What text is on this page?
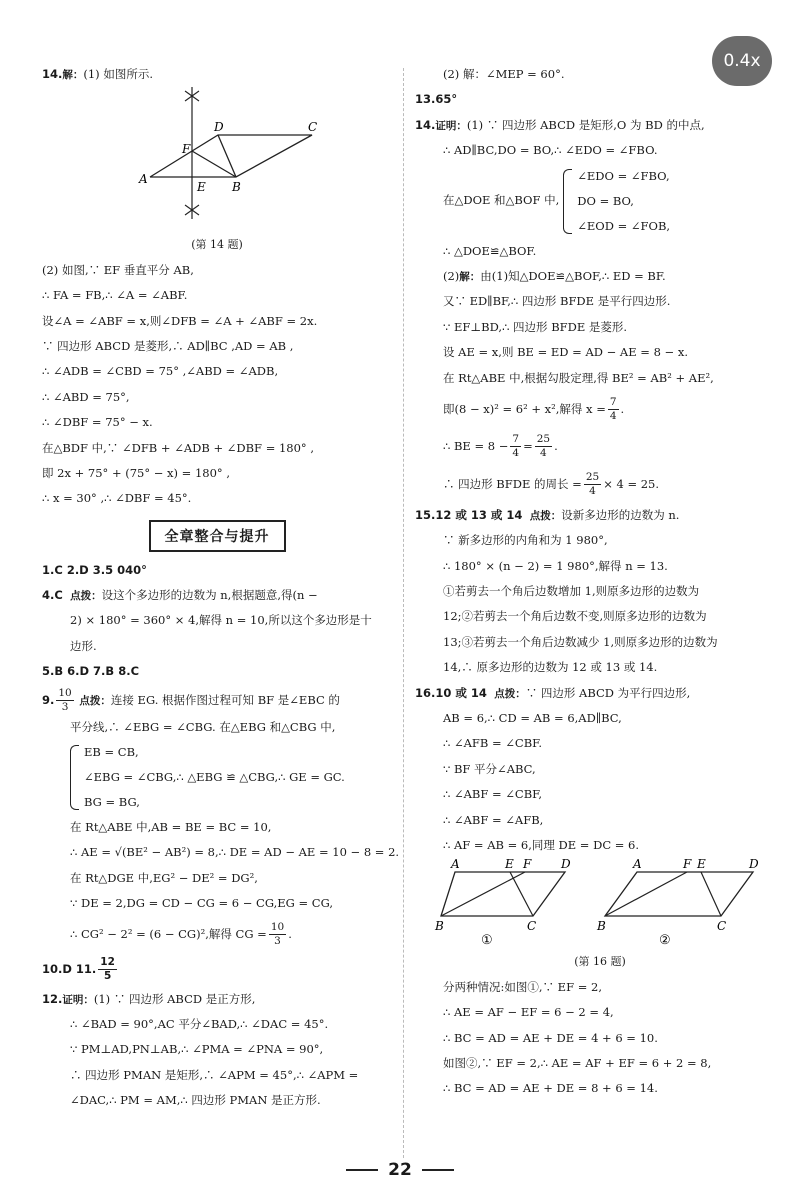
0.4x
14.解：(1) 如图所示.
D	C
F
A
E B
(第 14 题)
(2) 如图,∵ EF 垂直平分 AB,
∴ FA = FB,∴ ∠A = ∠ABF.
设∠A = ∠ABF = x,则∠DFB = ∠A + ∠ABF = 2x.
∵ 四边形 ABCD 是菱形,∴ AD∥BC ,AD = AB ,
∴ ∠ADB = ∠CBD = 75° ,∠ABD = ∠ADB,
∴ ∠ABD = 75°,
∴ ∠DBF = 75° − x.
在△BDF 中,∵ ∠DFB + ∠ADB + ∠DBF = 180° ,
即 2x + 75° + (75° − x) = 180° ,
∴ x = 30° ,∴ ∠DBF = 45°.
全章整合与提升
1.C 2.D 3.5 040°
4.C 点拨：设这个多边形的边数为 n,根据题意,得(n −
2) × 180° = 360° × 4,解得 n = 10,所以这个多边形是十
边形.
5.B 6.D 7.B 8.C
9. $\frac{10}{3}$ 点拨：连接 EG. 根据作图过程可知 BF 是∠EBC 的
平分线,∴ ∠EBG = ∠CBG. 在△EBG 和△CBG 中,
EB = CB,
∠EBG = ∠CBG,∴ △EBG ≌ △CBG,∴ GE = GC.
BG = BG,
在 Rt△ABE 中,AB = BE = BC = 10,
∴ AE = √(BE² − AB²) = 8,∴ DE = AD − AE = 10 − 8 = 2.
在 Rt△DGE 中,EG² − DE² = DG²,
∵ DE = 2,DG = CD − CG = 6 − CG,EG = CG,
∴ CG² − 2² = (6 − CG)²,解得 CG = $\frac{10}{3}$ .
10.D 11. $\frac{12}{5}$
12.证明：(1) ∵ 四边形 ABCD 是正方形,
∴ ∠BAD = 90°,AC 平分∠BAD,∴ ∠DAC = 45°.
∵ PM⊥AD,PN⊥AB,∴ ∠PMA = ∠PNA = 90°,
∴ 四边形 PMAN 是矩形,∴ ∠APM = 45°,∴ ∠APM =
∠DAC,∴ PM = AM,∴ 四边形 PMAN 是正方形.
(2) 解：∠MEP = 60°.
13.65°
14.证明：(1) ∵ 四边形 ABCD 是矩形,O 为 BD 的中点,
∴ AD∥BC,DO = BO,∴ ∠EDO = ∠FBO.
在△DOE 和△BOF 中,
∠EDO = ∠FBO,
DO = BO,
∠EOD = ∠FOB,
∴ △DOE≌△BOF.
(2)解：由(1)知△DOE≌△BOF,∴ ED = BF.
又∵ ED∥BF,∴ 四边形 BFDE 是平行四边形.
∵ EF⊥BD,∴ 四边形 BFDE 是菱形.
设 AE = x,则 BE = ED = AD − AE = 8 − x.
在 Rt△ABE 中,根据勾股定理,得 BE² = AB² + AE²,
即(8 − x)² = 6² + x²,解得 $x = \frac{7}{4}$ .
∴ BE = $8 - \frac{7}{4} = \frac{25}{4}$ .
∴ 四边形 BFDE 的周长 = $\frac{25}{4} \times 4 = 25$.
15.12 或 13 或 14 点拨：设新多边形的边数为 n.
∵ 新多边形的内角和为 1 980°,
∴ 180° × (n − 2) = 1 980°,解得 n = 13.
①若剪去一个角后边数增加 1,则原多边形的边数为
12;②若剪去一个角后边数不变,则原多边形的边数为
13;③若剪去一个角后边数减少 1,则原多边形的边数为
14,∴ 原多边形的边数为 12 或 13 或 14.
16.10 或 14 点拨：∵ 四边形 ABCD 为平行四边形,
AB = 6,∴ CD = AB = 6,AD∥BC,
∴ ∠AFB = ∠CBF.
∵ BF 平分∠ABC,
∴ ∠ABF = ∠CBF,
∴ ∠ABF = ∠AFB,
∴ AF = AB = 6,同理 DE = DC = 6.
A	E F D
B	C
①
A	F E	D
B	C
②
(第 16 题)
分两种情况:如图①,∵ EF = 2,
∴ AE = AF − EF = 6 − 2 = 4,
∴ BC = AD = AE + DE = 4 + 6 = 10.
如图②,∵ EF = 2,∴ AE = AF + EF = 6 + 2 = 8,
∴ BC = AD = AE + DE = 8 + 6 = 14.
22
